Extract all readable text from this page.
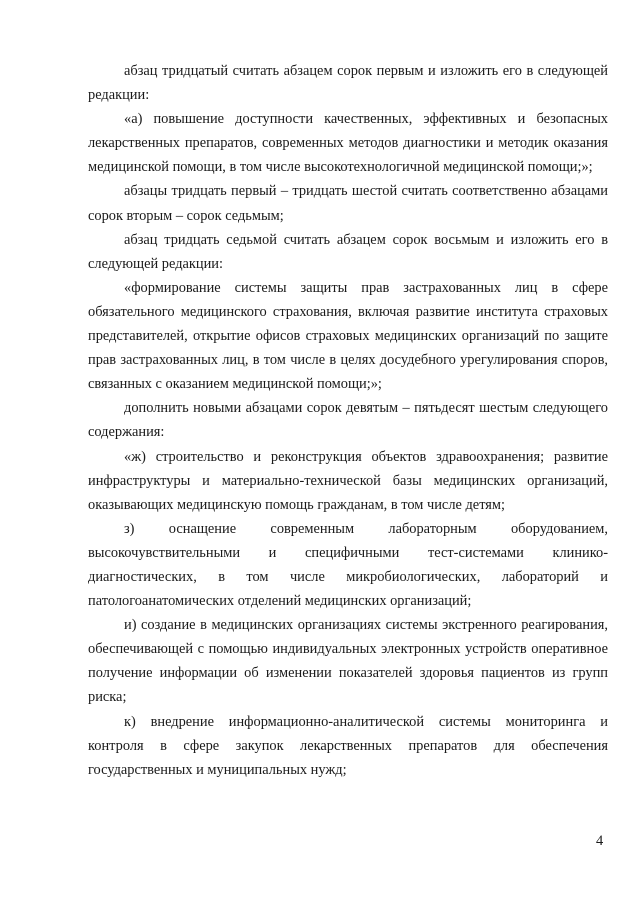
абзац тридцатый считать абзацем сорок первым и изложить его в следующей редакции:

«а) повышение доступности качественных, эффективных и безопасных лекарственных препаратов, современных методов диагностики и методик оказания медицинской помощи, в том числе высокотехнологичной медицинской помощи;»;

абзацы тридцать первый – тридцать шестой считать соответственно абзацами сорок вторым – сорок седьмым;

абзац тридцать седьмой считать абзацем сорок восьмым и изложить его в следующей редакции:

«формирование системы защиты прав застрахованных лиц в сфере обязательного медицинского страхования, включая развитие института страховых представителей, открытие офисов страховых медицинских организаций по защите прав застрахованных лиц, в том числе в целях досудебного урегулирования споров, связанных с оказанием медицинской помощи;»;

дополнить новыми абзацами сорок девятым – пятьдесят шестым следующего содержания:

«ж) строительство и реконструкция объектов здравоохранения; развитие инфраструктуры и материально-технической базы медицинских организаций, оказывающих медицинскую помощь гражданам, в том числе детям;

з) оснащение современным лабораторным оборудованием, высокочувствительными и специфичными тест-системами клинико-диагностических, в том числе микробиологических, лабораторий и патологоанатомических отделений медицинских организаций;

и) создание в медицинских организациях системы экстренного реагирования, обеспечивающей с помощью индивидуальных электронных устройств оперативное получение информации об изменении показателей здоровья пациентов из групп риска;

к) внедрение информационно-аналитической системы мониторинга и контроля в сфере закупок лекарственных препаратов для обеспечения государственных и муниципальных нужд;

4
